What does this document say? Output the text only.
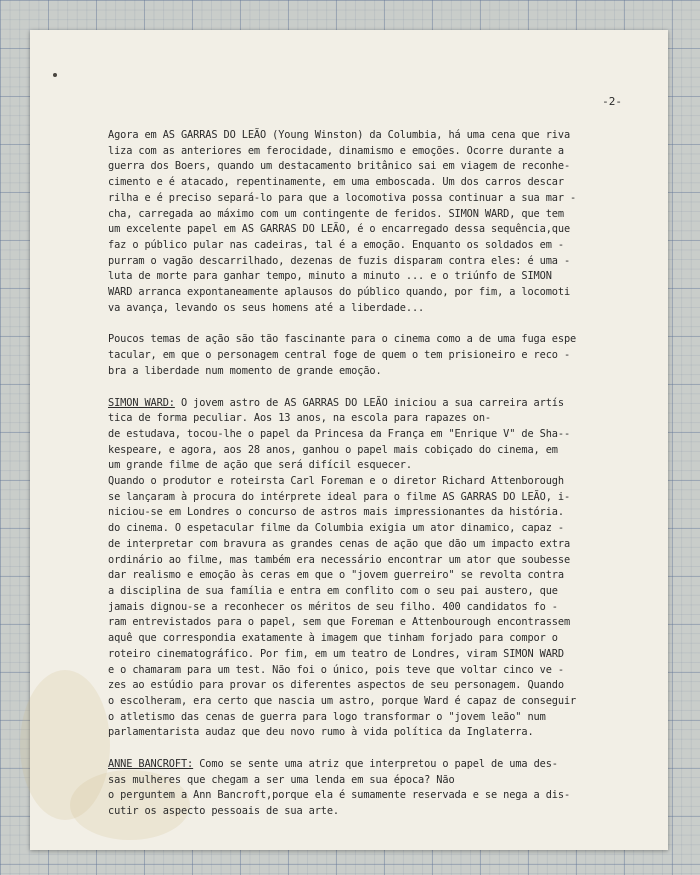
-2-

Agora em AS GARRAS DO LEÃO (Young Winston) da Columbia, há uma cena que riva

liza com as anteriores em ferocidade, dinamismo e emoções. Ocorre durante a

guerra dos Boers, quando um destacamento britânico sai em viagem de reconhe-

cimento e é atacado, repentinamente, em uma emboscada. Um dos carros descar

rilha e é preciso separá-lo para que a locomotiva possa continuar a sua mar -

cha, carregada ao máximo com um contingente de feridos. SIMON WARD, que tem

um excelente papel em AS GARRAS DO LEÃO, é o encarregado dessa sequência,que

faz o público pular nas cadeiras, tal é a emoção. Enquanto os soldados em -

purram o vagão descarrilhado, dezenas de fuzis disparam contra eles: é uma -

luta de morte para ganhar tempo, minuto a minuto ... e o triúnfo de SIMON

WARD arranca expontaneamente aplausos do público quando, por fim, a locomoti

va avança, levando os seus homens até a liberdade...

Poucos temas de ação são tão fascinante para o cinema como a de uma fuga espe

tacular, em que o personagem central foge de quem o tem prisioneiro e reco -

bra a liberdade num momento de grande emoção.

SIMON WARD: O jovem astro de AS GARRAS DO LEÃO iniciou a sua carreira artís

tica de forma peculiar. Aos 13 anos, na escola para rapazes on-

de estudava, tocou-lhe o papel da Princesa da França em "Enrique V" de Sha--

kespeare, e agora, aos 28 anos, ganhou o papel mais cobiçado do cinema, em

um grande filme de ação que será difícil esquecer.

Quando o produtor e roteirsta Carl Foreman e o diretor Richard Attenborough

se lançaram à procura do intérprete ideal para o filme AS GARRAS DO LEÃO, i-

niciou-se em Londres o concurso de astros mais impressionantes da história.

do cinema. O espetacular filme da Columbia exigia um ator dinamico, capaz -

de interpretar com bravura as grandes cenas de ação que dão um impacto extra

ordinário ao filme, mas também era necessário encontrar um ator que soubesse

dar realismo e emoção às ceras em que o "jovem guerreiro" se revolta contra

a disciplina de sua família e entra em conflito com o seu pai austero, que

jamais dignou-se a reconhecer os méritos de seu filho. 400 candidatos fo -

ram entrevistados para o papel, sem que Foreman e Attenbourough encontrassem

aquê que correspondia exatamente à imagem que tinham forjado para compor o

roteiro cinematográfico. Por fim, em um teatro de Londres, viram SIMON WARD

e o chamaram para um test. Não foi o único, pois teve que voltar cinco ve -

zes ao estúdio para provar os diferentes aspectos de seu personagem. Quando

o escolheram, era certo que nascia um astro, porque Ward é capaz de conseguir

o atletismo das cenas de guerra para logo transformar o "jovem leão" num

parlamentarista audaz que deu novo rumo à vida política da Inglaterra.

ANNE BANCROFT: Como se sente uma atriz que interpretou o papel de uma des-

sas mulheres que chegam a ser uma lenda em sua época? Não

o perguntem a Ann Bancroft,porque ela é sumamente reservada e se nega a dis-

cutir os aspecto pessoais de sua arte.
